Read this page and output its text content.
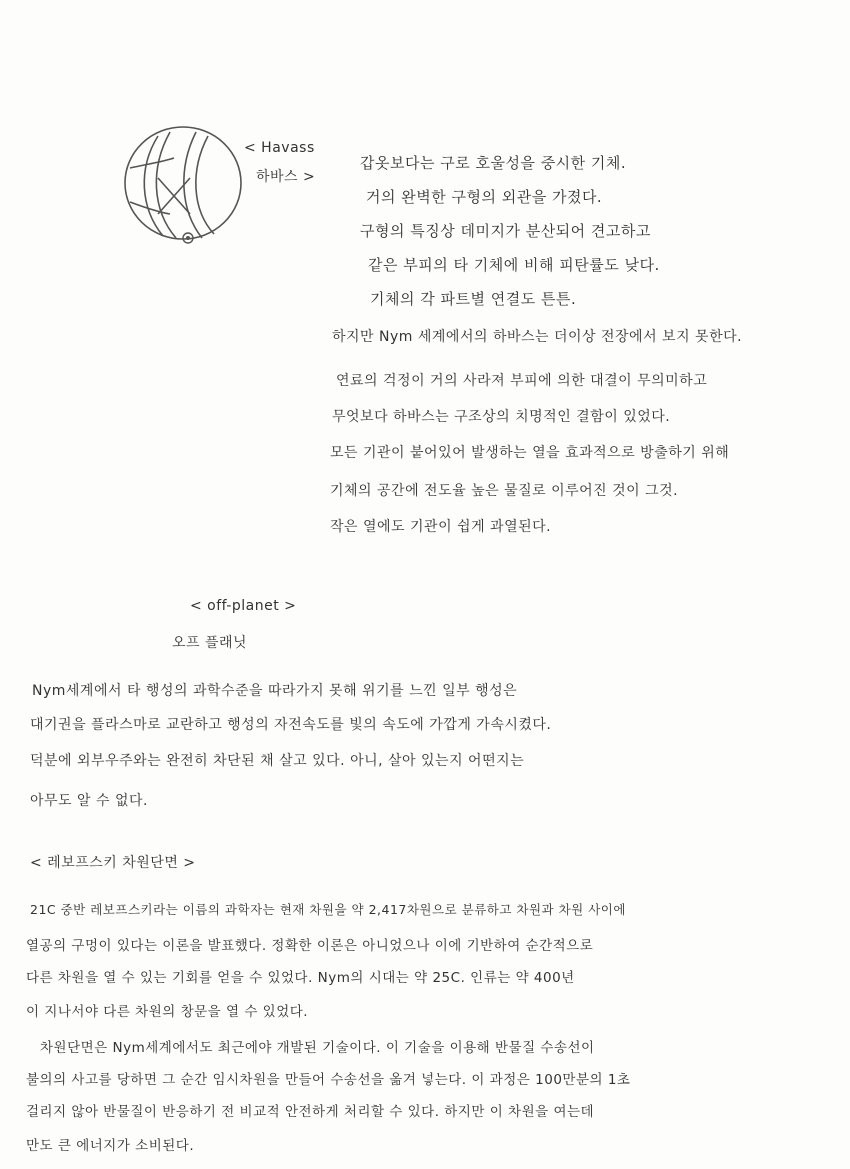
< Havass
하바스 >
갑옷보다는 구로 호울성을 중시한 기체.
거의 완벽한 구형의 외관을 가졌다.
구형의 특징상 데미지가 분산되어 견고하고
같은 부피의 타 기체에 비해 피탄률도 낮다.
기체의 각 파트별 연결도 튼튼.
하지만 Nym 세계에서의 하바스는 더이상 전장에서 보지 못한다.
연료의 걱정이 거의 사라져 부피에 의한 대결이 무의미하고
무엇보다 하바스는 구조상의 치명적인 결함이 있었다.
모든 기관이 붙어있어 발생하는 열을 효과적으로 방출하기 위해
기체의 공간에 전도율 높은 물질로 이루어진 것이 그것.
작은 열에도 기관이 쉽게 과열된다.
< off-planet >
오프 플래닛
Nym세계에서 타 행성의 과학수준을 따라가지 못해 위기를 느낀 일부 행성은
대기권을 플라스마로 교란하고 행성의 자전속도를 빛의 속도에 가깝게 가속시켰다.
덕분에 외부우주와는 완전히 차단된 채 살고 있다. 아니, 살아 있는지 어떤지는
아무도 알 수 없다.
< 레보프스키 차원단면 >
21C 중반 레보프스키라는 이름의 과학자는 현재 차원을 약 2,417차원으로 분류하고 차원과 차원 사이에
열공의 구멍이 있다는 이론을 발표했다. 정확한 이론은 아니었으나 이에 기반하여 순간적으로
다른 차원을 열 수 있는 기회를 얻을 수 있었다. Nym의 시대는 약 25C. 인류는 약 400년
이 지나서야 다른 차원의 창문을 열 수 있었다.
차원단면은 Nym세계에서도 최근에야 개발된 기술이다. 이 기술을 이용해 반물질 수송선이
불의의 사고를 당하면 그 순간 임시차원을 만들어 수송선을 옮겨 넣는다. 이 과정은 100만분의 1초
걸리지 않아 반물질이 반응하기 전 비교적 안전하게 처리할 수 있다. 하지만 이 차원을 여는데
만도 큰 에너지가 소비된다.
